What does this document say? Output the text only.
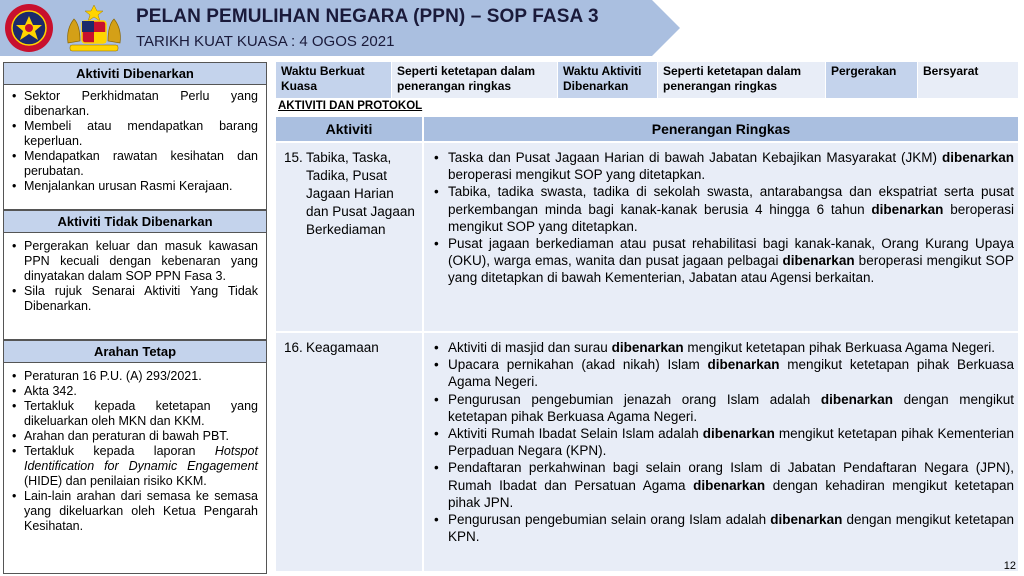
PELAN PEMULIHAN NEGARA (PPN) – SOP FASA 3
TARIKH KUAT KUASA : 4 OGOS 2021
Aktiviti Dibenarkan
• Sektor Perkhidmatan Perlu yang dibenarkan.
• Membeli atau mendapatkan barang keperluan.
• Mendapatkan rawatan kesihatan dan perubatan.
• Menjalankan urusan Rasmi Kerajaan.
Aktiviti Tidak Dibenarkan
• Pergerakan keluar dan masuk kawasan PPN kecuali dengan kebenaran yang dinyatakan dalam SOP PPN Fasa 3.
• Sila rujuk Senarai Aktiviti Yang Tidak Dibenarkan.
Arahan Tetap
• Peraturan 16 P.U. (A) 293/2021.
• Akta 342.
• Tertakluk kepada ketetapan yang dikeluarkan oleh MKN dan KKM.
• Arahan dan peraturan di bawah PBT.
• Tertakluk kepada laporan Hotspot Identification for Dynamic Engagement (HIDE) dan penilaian risiko KKM.
• Lain-lain arahan dari semasa ke semasa yang dikeluarkan oleh Ketua Pengarah Kesihatan.
Waktu Berkuat Kuasa
Seperti ketetapan dalam penerangan ringkas
Waktu Aktiviti Dibenarkan
Seperti ketetapan dalam penerangan ringkas
Pergerakan	Bersyarat
AKTIVITI DAN PROTOKOL
Aktiviti	Penerangan Ringkas
15. Tabika, Taska, Tadika, Pusat Jagaan Harian dan Pusat Jagaan Berkediaman
• Taska dan Pusat Jagaan Harian di bawah Jabatan Kebajikan Masyarakat (JKM) dibenarkan beroperasi mengikut SOP yang ditetapkan.
• Tabika, tadika swasta, tadika di sekolah swasta, antarabangsa dan ekspatriat serta pusat perkembangan minda bagi kanak-kanak berusia 4 hingga 6 tahun dibenarkan beroperasi mengikut SOP yang ditetapkan.
• Pusat jagaan berkediaman atau pusat rehabilitasi bagi kanak-kanak, Orang Kurang Upaya (OKU), warga emas, wanita dan pusat jagaan pelbagai dibenarkan beroperasi mengikut SOP yang ditetapkan di bawah Kementerian, Jabatan atau Agensi berkaitan.
16. Keagamaan
•	Aktiviti di masjid dan surau dibenarkan mengikut ketetapan pihak Berkuasa Agama Negeri.
• Upacara pernikahan (akad nikah) Islam dibenarkan mengikut ketetapan pihak Berkuasa Agama Negeri.
• Pengurusan pengebumian jenazah orang Islam adalah dibenarkan dengan mengikut ketetapan pihak Berkuasa Agama Negeri.
• Aktiviti Rumah Ibadat Selain Islam adalah dibenarkan mengikut ketetapan pihak Kementerian Perpaduan Negara (KPN).
• Pendaftaran perkahwinan bagi selain orang Islam di Jabatan Pendaftaran Negara (JPN), Rumah Ibadat dan Persatuan Agama dibenarkan dengan kehadiran mengikut ketetapan pihak JPN.
• Pengurusan pengebumian selain orang Islam adalah dibenarkan dengan mengikut ketetapan KPN.
12
